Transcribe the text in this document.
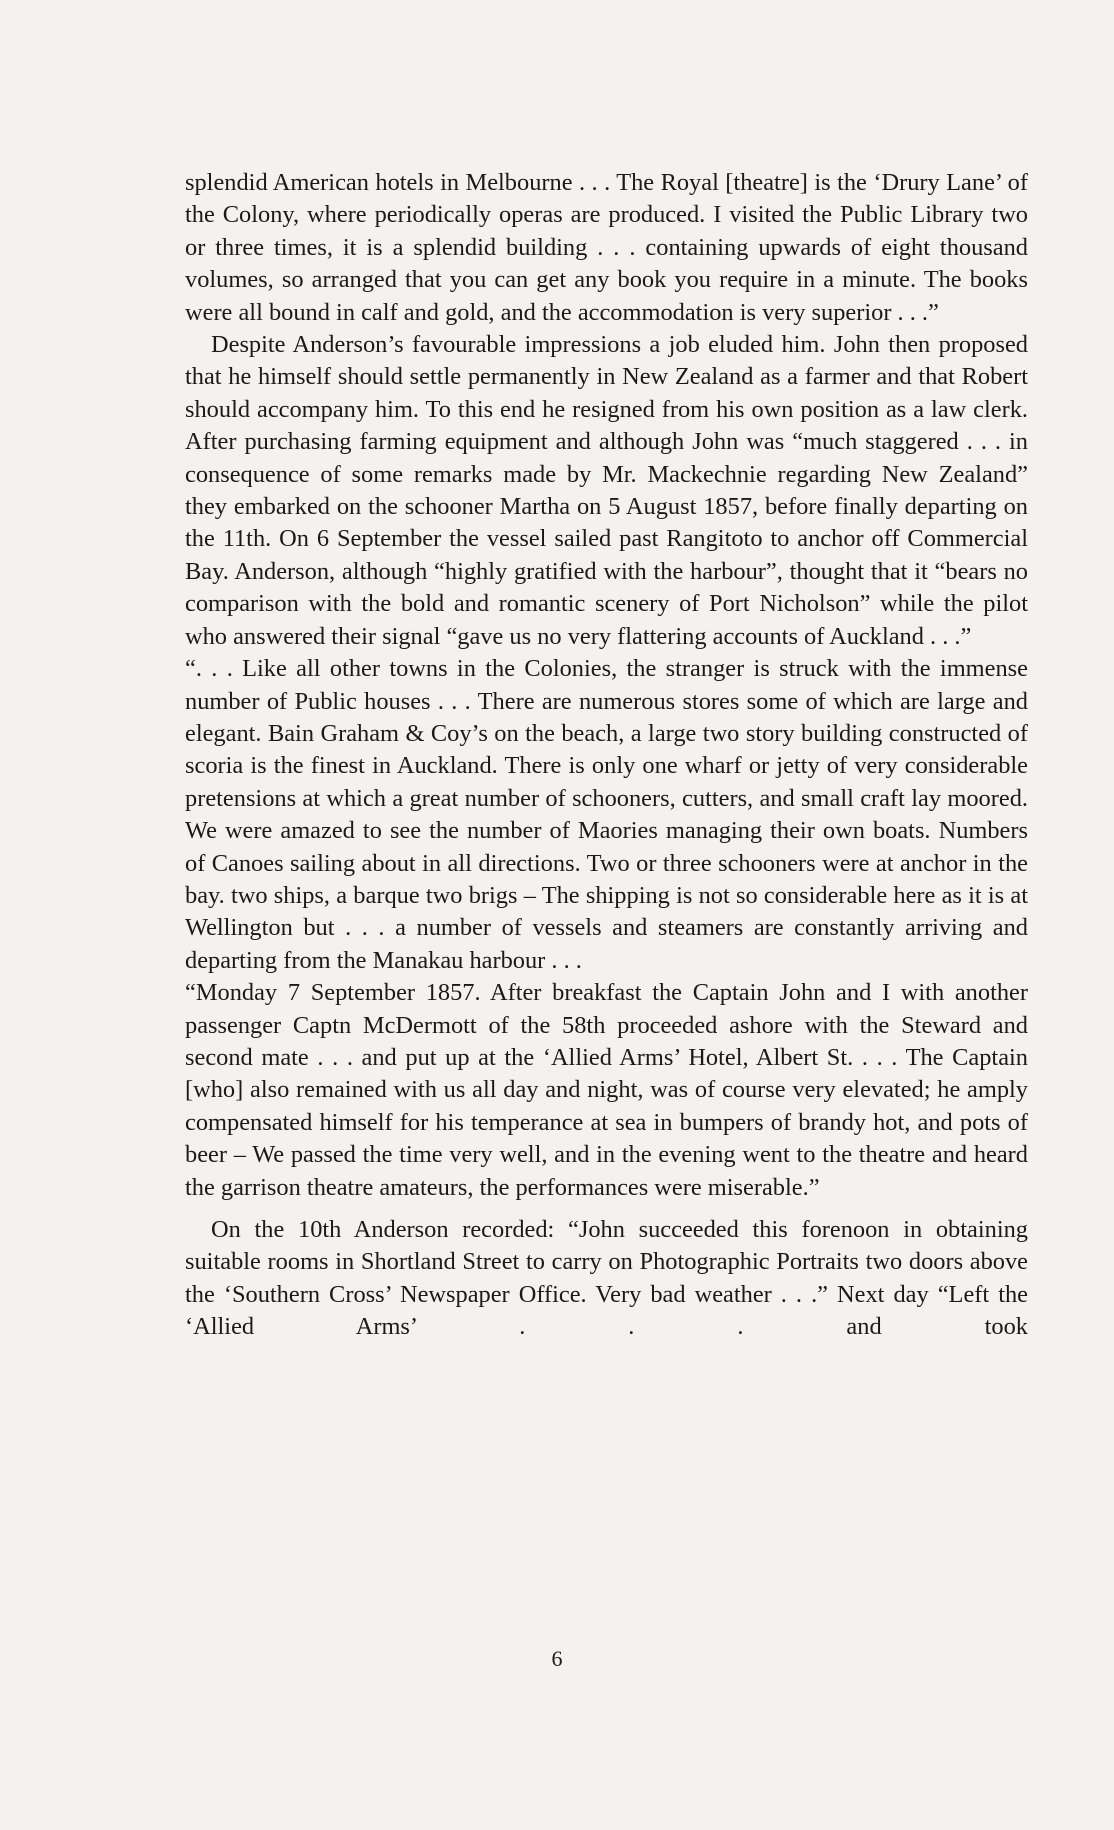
splendid American hotels in Melbourne . . . The Royal [theatre] is the ‘Drury Lane’ of the Colony, where periodically operas are produced. I visited the Public Library two or three times, it is a splendid building . . . containing upwards of eight thousand volumes, so arranged that you can get any book you require in a minute. The books were all bound in calf and gold, and the accommodation is very superior . . .”

Despite Anderson’s favourable impressions a job eluded him. John then proposed that he himself should settle permanently in New Zealand as a farmer and that Robert should accompany him. To this end he resigned from his own position as a law clerk. After purchasing farming equipment and although John was “much staggered . . . in consequence of some remarks made by Mr. Mackechnie regarding New Zealand” they embarked on the schooner Martha on 5 August 1857, before finally departing on the 11th. On 6 September the vessel sailed past Rangitoto to anchor off Commercial Bay. Anderson, although “highly gratified with the harbour”, thought that it “bears no comparison with the bold and romantic scenery of Port Nicholson” while the pilot who answered their signal “gave us no very flattering accounts of Auckland . . .”

“. . . Like all other towns in the Colonies, the stranger is struck with the immense number of Public houses . . . There are numerous stores some of which are large and elegant. Bain Graham & Coy’s on the beach, a large two story building constructed of scoria is the finest in Auckland. There is only one wharf or jetty of very considerable pretensions at which a great number of schooners, cutters, and small craft lay moored. We were amazed to see the number of Maories managing their own boats. Numbers of Canoes sailing about in all directions. Two or three schooners were at anchor in the bay. two ships, a barque two brigs – The shipping is not so considerable here as it is at Wellington but . . . a number of vessels and steamers are constantly arriving and departing from the Manakau harbour . . .

“Monday 7 September 1857. After breakfast the Captain John and I with another passenger Captn McDermott of the 58th proceeded ashore with the Steward and second mate . . . and put up at the ‘Allied Arms’ Hotel, Albert St. . . . The Captain [who] also remained with us all day and night, was of course very elevated; he amply compensated himself for his temperance at sea in bumpers of brandy hot, and pots of beer – We passed the time very well, and in the evening went to the theatre and heard the garrison theatre amateurs, the performances were miserable.”

On the 10th Anderson recorded: “John succeeded this forenoon in obtaining suitable rooms in Shortland Street to carry on Photographic Portraits two doors above the ‘Southern Cross’ Newspaper Office. Very bad weather . . .” Next day “Left the ‘Allied Arms’ . . . and took

6
